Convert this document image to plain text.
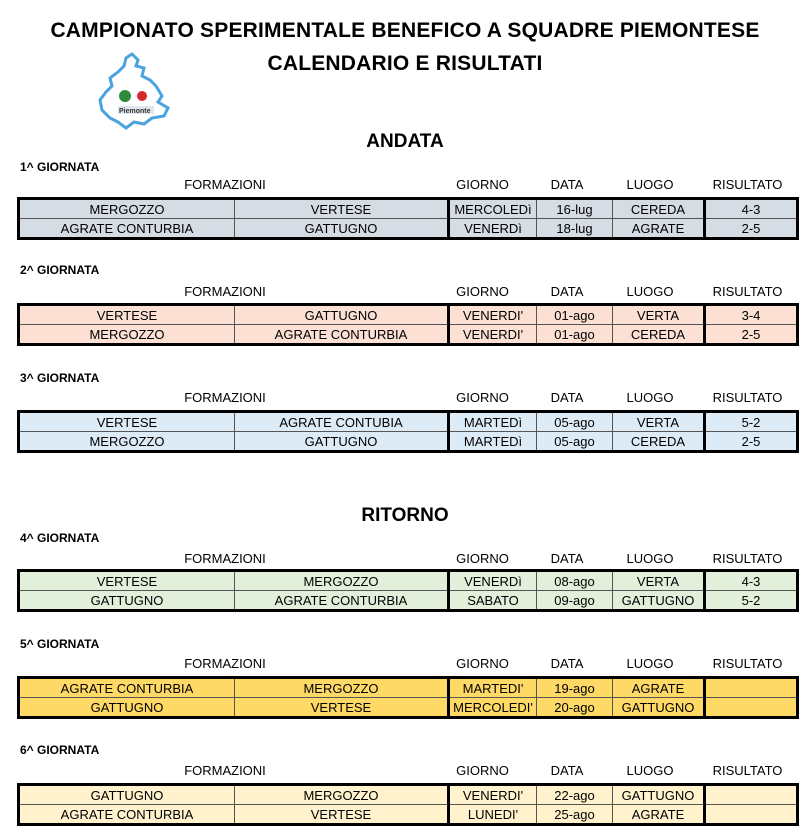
CAMPIONATO SPERIMENTALE BENEFICO A SQUADRE PIEMONTESE
CALENDARIO E RISULTATI
Piemonte
ANDATA
RITORNO
1^ GIORNATA
FORMAZIONI	GIORNO	DATA	LUOGO	RISULTATO
MERGOZZO	VERTESE	MERCOLEDì	16-lug	CEREDA	4-3
AGRATE CONTURBIA	GATTUGNO	VENERDì	18-lug	AGRATE	2-5
2^ GIORNATA
FORMAZIONI	GIORNO	DATA	LUOGO	RISULTATO
VERTESE	GATTUGNO	VENERDI'	01-ago	VERTA	3-4
MERGOZZO	AGRATE CONTURBIA	VENERDI'	01-ago	CEREDA	2-5
3^ GIORNATA
FORMAZIONI	GIORNO	DATA	LUOGO	RISULTATO
VERTESE	AGRATE CONTUBIA	MARTEDì	05-ago	VERTA	5-2
MERGOZZO	GATTUGNO	MARTEDì	05-ago	CEREDA	2-5
4^ GIORNATA
FORMAZIONI	GIORNO	DATA	LUOGO	RISULTATO
VERTESE	MERGOZZO	VENERDì	08-ago	VERTA	4-3
GATTUGNO	AGRATE CONTURBIA	SABATO	09-ago	GATTUGNO	5-2
5^ GIORNATA
FORMAZIONI	GIORNO	DATA	LUOGO	RISULTATO
AGRATE CONTURBIA	MERGOZZO	MARTEDI'	19-ago	AGRATE	
GATTUGNO	VERTESE	MERCOLEDI'	20-ago	GATTUGNO	
6^ GIORNATA
FORMAZIONI	GIORNO	DATA	LUOGO	RISULTATO
GATTUGNO	MERGOZZO	VENERDI'	22-ago	GATTUGNO	
AGRATE CONTURBIA	VERTESE	LUNEDI'	25-ago	AGRATE	
